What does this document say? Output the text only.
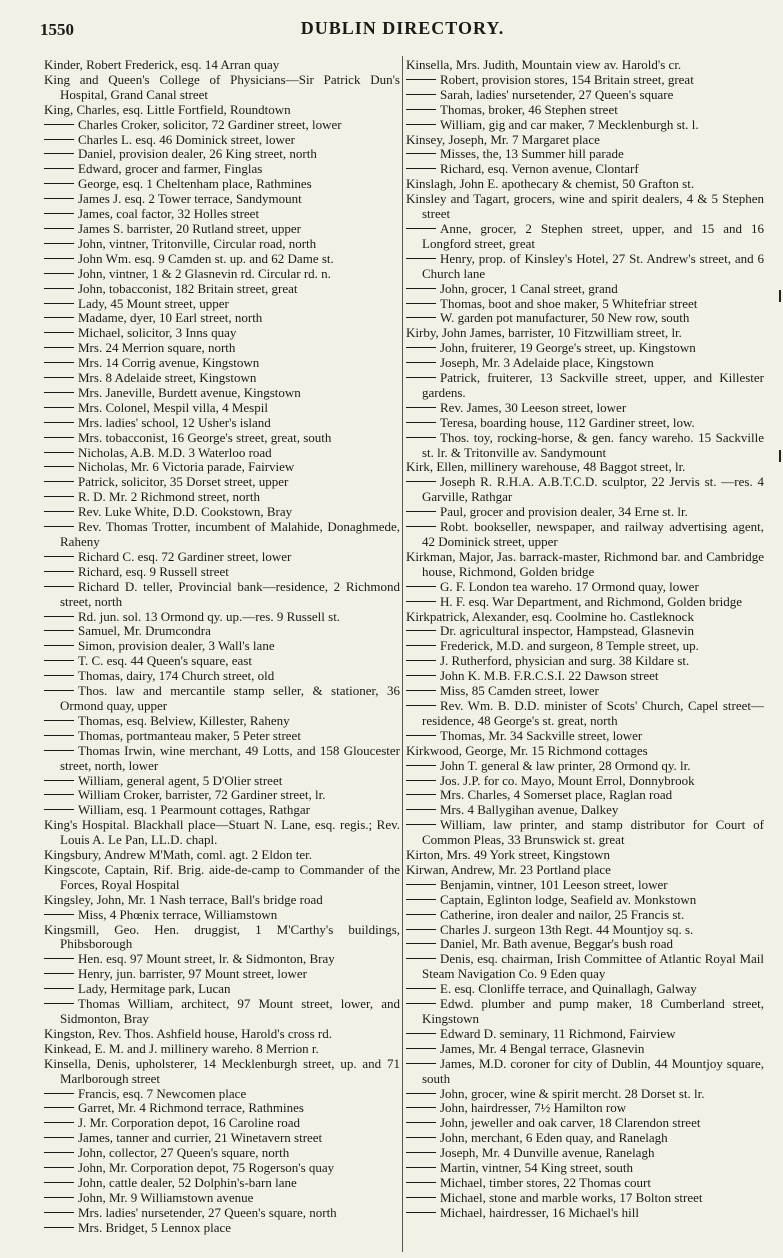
1550	DUBLIN DIRECTORY.
Kinder, Robert Frederick, esq. 14 Arran quay
King and Queen's College of Physicians—Sir Patrick Dun's Hospital, Grand Canal street
King, Charles, esq. Little Fortfield, Roundtown
Charles Croker, solicitor, 72 Gardiner street, lower
Charles L. esq. 46 Dominick street, lower
Daniel, provision dealer, 26 King street, north
Edward, grocer and farmer, Finglas
George, esq. 1 Cheltenham place, Rathmines
James J. esq. 2 Tower terrace, Sandymount
James, coal factor, 32 Holles street
James S. barrister, 20 Rutland street, upper
John, vintner, Tritonville, Circular road, north
John Wm. esq. 9 Camden st. up. and 62 Dame st.
John, vintner, 1 & 2 Glasnevin rd. Circular rd. n.
John, tobacconist, 182 Britain street, great
Lady, 45 Mount street, upper
Madame, dyer, 10 Earl street, north
Michael, solicitor, 3 Inns quay
Mrs. 24 Merrion square, north
Mrs. 14 Corrig avenue, Kingstown
Mrs. 8 Adelaide street, Kingstown
Mrs. Janeville, Burdett avenue, Kingstown
Mrs. Colonel, Mespil villa, 4 Mespil
Mrs. ladies' school, 12 Usher's island
Mrs. tobacconist, 16 George's street, great, south
Nicholas, A.B. M.D. 3 Waterloo road
Nicholas, Mr. 6 Victoria parade, Fairview
Patrick, solicitor, 35 Dorset street, upper
R. D. Mr. 2 Richmond street, north
Rev. Luke White, D.D. Cookstown, Bray
Rev. Thomas Trotter, incumbent of Malahide, Donaghmede, Raheny
Richard C. esq. 72 Gardiner street, lower
Richard, esq. 9 Russell street
Richard D. teller, Provincial bank—residence, 2 Richmond street, north
Rd. jun. sol. 13 Ormond qy. up.—res. 9 Russell st.
Samuel, Mr. Drumcondra
Simon, provision dealer, 3 Wall's lane
T. C. esq. 44 Queen's square, east
Thomas, dairy, 174 Church street, old
Thos. law and mercantile stamp seller, & stationer, 36 Ormond quay, upper
Thomas, esq. Belview, Killester, Raheny
Thomas, portmanteau maker, 5 Peter street
Thomas Irwin, wine merchant, 49 Lotts, and 158 Gloucester street, north, lower
William, general agent, 5 D'Olier street
William Croker, barrister, 72 Gardiner street, lr.
William, esq. 1 Pearmount cottages, Rathgar
King's Hospital. Blackhall place—Stuart N. Lane, esq. regis.; Rev. Louis A. Le Pan, LL.D. chapl.
Kingsbury, Andrew M'Math, coml. agt. 2 Eldon ter.
Kingscote, Captain, Rif. Brig. aide-de-camp to Commander of the Forces, Royal Hospital
Kingsley, John, Mr. 1 Nash terrace, Ball's bridge road
Miss, 4 Phœnix terrace, Williamstown
Kingsmill, Geo. Hen. druggist, 1 M'Carthy's buildings, Phibsborough
Hen. esq. 97 Mount street, lr. & Sidmonton, Bray
Henry, jun. barrister, 97 Mount street, lower
Lady, Hermitage park, Lucan
Thomas William, architect, 97 Mount street, lower, and Sidmonton, Bray
Kingston, Rev. Thos. Ashfield house, Harold's cross rd.
Kinkead, E. M. and J. millinery wareho. 8 Merrion r.
Kinsella, Denis, upholsterer, 14 Mecklenburgh street, up. and 71 Marlborough street
Francis, esq. 7 Newcomen place
Garret, Mr. 4 Richmond terrace, Rathmines
J. Mr. Corporation depot, 16 Caroline road
James, tanner and currier, 21 Winetavern street
John, collector, 27 Queen's square, north
John, Mr. Corporation depot, 75 Rogerson's quay
John, cattle dealer, 52 Dolphin's-barn lane
John, Mr. 9 Williamstown avenue
Mrs. ladies' nursetender, 27 Queen's square, north
Mrs. Bridget, 5 Lennox place
Kinsella, Mrs. Judith, Mountain view av. Harold's cr.
Robert, provision stores, 154 Britain street, great
Sarah, ladies' nursetender, 27 Queen's square
Thomas, broker, 46 Stephen street
William, gig and car maker, 7 Mecklenburgh st. l.
Kinsey, Joseph, Mr. 7 Margaret place
Misses, the, 13 Summer hill parade
Richard, esq. Vernon avenue, Clontarf
Kinslagh, John E. apothecary & chemist, 50 Grafton st.
Kinsley and Tagart, grocers, wine and spirit dealers, 4 & 5 Stephen street
Anne, grocer, 2 Stephen street, upper, and 15 and 16 Longford street, great
Henry, prop. of Kinsley's Hotel, 27 St. Andrew's street, and 6 Church lane
John, grocer, 1 Canal street, grand
Thomas, boot and shoe maker, 5 Whitefriar street
W. garden pot manufacturer, 50 New row, south
Kirby, John James, barrister, 10 Fitzwilliam street, lr.
John, fruiterer, 19 George's street, up. Kingstown
Joseph, Mr. 3 Adelaide place, Kingstown
Patrick, fruiterer, 13 Sackville street, upper, and Killester gardens.
Rev. James, 30 Leeson street, lower
Teresa, boarding house, 112 Gardiner street, low.
Thos. toy, rocking-horse, & gen. fancy wareho. 15 Sackville st. lr. & Tritonville av. Sandymount
Kirk, Ellen, millinery warehouse, 48 Baggot street, lr.
Joseph R. R.H.A. A.B.T.C.D. sculptor, 22 Jervis st. —res. 4 Garville, Rathgar
Paul, grocer and provision dealer, 34 Erne st. lr.
Robt. bookseller, newspaper, and railway advertising agent, 42 Dominick street, upper
Kirkman, Major, Jas. barrack-master, Richmond bar. and Cambridge house, Richmond, Golden bridge
G. F. London tea wareho. 17 Ormond quay, lower
H. F. esq. War Department, and Richmond, Golden bridge
Kirkpatrick, Alexander, esq. Coolmine ho. Castleknock
Dr. agricultural inspector, Hampstead, Glasnevin
Frederick, M.D. and surgeon, 8 Temple street, up.
J. Rutherford, physician and surg. 38 Kildare st.
John K. M.B. F.R.C.S.I. 22 Dawson street
Miss, 85 Camden street, lower
Rev. Wm. B. D.D. minister of Scots' Church, Capel street—residence, 48 George's st. great, north
Thomas, Mr. 34 Sackville street, lower
Kirkwood, George, Mr. 15 Richmond cottages
John T. general & law printer, 28 Ormond qy. lr.
Jos. J.P. for co. Mayo, Mount Errol, Donnybrook
Mrs. Charles, 4 Somerset place, Raglan road
Mrs. 4 Ballygihan avenue, Dalkey
William, law printer, and stamp distributor for Court of Common Pleas, 33 Brunswick st. great
Kirton, Mrs. 49 York street, Kingstown
Kirwan, Andrew, Mr. 23 Portland place
Benjamin, vintner, 101 Leeson street, lower
Captain, Eglinton lodge, Seafield av. Monkstown
Catherine, iron dealer and nailor, 25 Francis st.
Charles J. surgeon 13th Regt. 44 Mountjoy sq. s.
Daniel, Mr. Bath avenue, Beggar's bush road
Denis, esq. chairman, Irish Committee of Atlantic Royal Mail Steam Navigation Co. 9 Eden quay
E. esq. Clonliffe terrace, and Quinallagh, Galway
Edwd. plumber and pump maker, 18 Cumberland street, Kingstown
Edward D. seminary, 11 Richmond, Fairview
James, Mr. 4 Bengal terrace, Glasnevin
James, M.D. coroner for city of Dublin, 44 Mountjoy square, south
John, grocer, wine & spirit mercht. 28 Dorset st. lr.
John, hairdresser, 7½ Hamilton row
John, jeweller and oak carver, 18 Clarendon street
John, merchant, 6 Eden quay, and Ranelagh
Joseph, Mr. 4 Dunville avenue, Ranelagh
Martin, vintner, 54 King street, south
Michael, timber stores, 22 Thomas court
Michael, stone and marble works, 17 Bolton street
Michael, hairdresser, 16 Michael's hill
